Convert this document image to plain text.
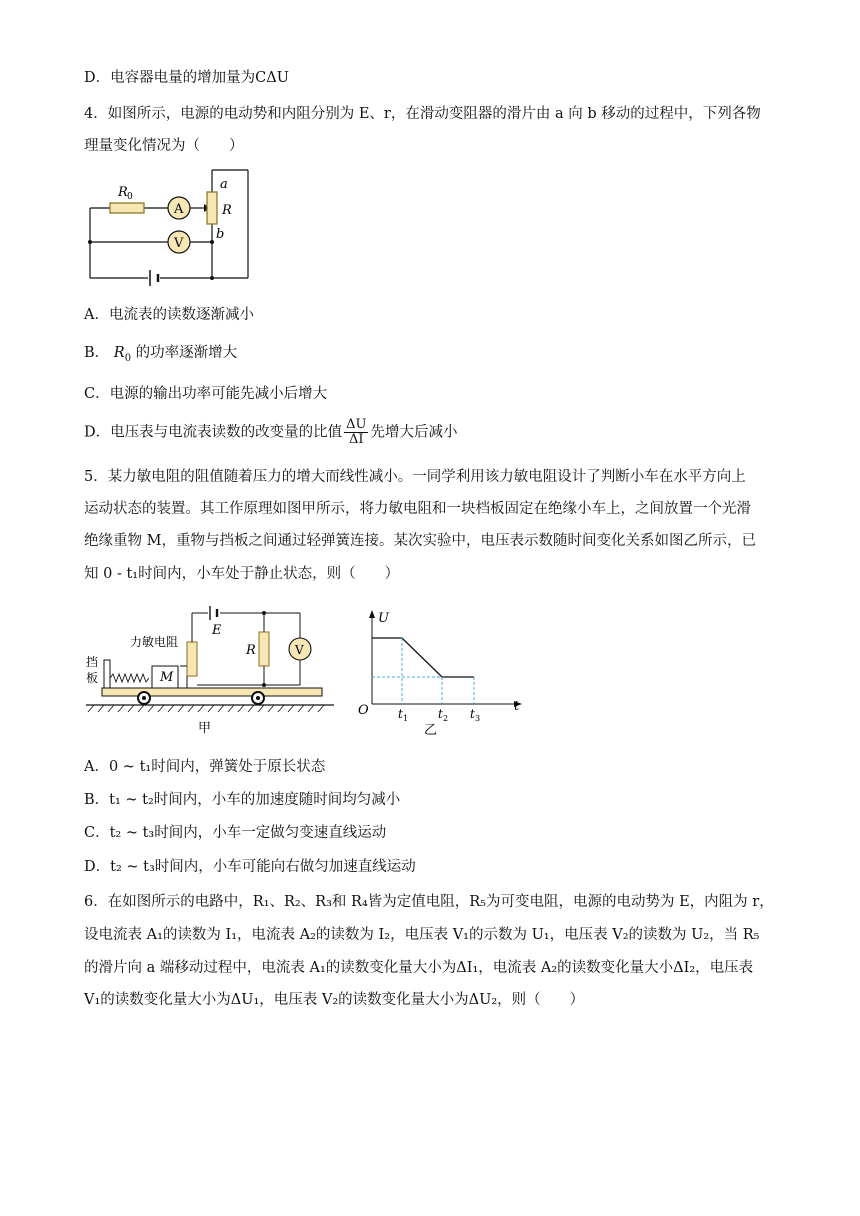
D．电容器电量的增加量为CΔU
4．如图所示，电源的电动势和内阻分别为 E、r，在滑动变阻器的滑片由 a 向 b 移动的过程中，下列各物
理量变化情况为（　　）
R 0
A
V
a
R
b
A．电流表的读数逐渐减小
B． $R_0$ 的功率逐渐增大
C．电源的输出功率可能先减小后增大
D．电压表与电流表读数的改变量的比值 $\frac{\Delta U}{\Delta I}$ 先增大后减小
5．某力敏电阻的阻值随着压力的增大而线性减小。一同学利用该力敏电阻设计了判断小车在水平方向上
运动状态的装置。其工作原理如图甲所示，将力敏电阻和一块档板固定在绝缘小车上，之间放置一个光滑
绝缘重物 M，重物与挡板之间通过轻弹簧连接。某次实验中，电压表示数随时间变化关系如图乙所示，已
知 0 - t₁时间内，小车处于静止状态，则（　　）
挡
板	M
力敏电阻
E
R	V
甲
U
t
O t 1 t 2 t 3
乙
A．0 ~ t₁时间内，弹簧处于原长状态
B．t₁ ~ t₂时间内，小车的加速度随时间均匀减小
C．t₂ ~ t₃时间内，小车一定做匀变速直线运动
D．t₂ ~ t₃时间内，小车可能向右做匀加速直线运动
6．在如图所示的电路中，R₁、R₂、R₃和 R₄皆为定值电阻，R₅为可变电阻，电源的电动势为 E，内阻为 r，
设电流表 A₁的读数为 I₁，电流表 A₂的读数为 I₂，电压表 V₁的示数为 U₁，电压表 V₂的读数为 U₂，当 R₅
的滑片向 a 端移动过程中，电流表 A₁的读数变化量大小为ΔI₁，电流表 A₂的读数变化量大小ΔI₂，电压表
V₁的读数变化量大小为ΔU₁，电压表 V₂的读数变化量大小为ΔU₂，则（　　）
